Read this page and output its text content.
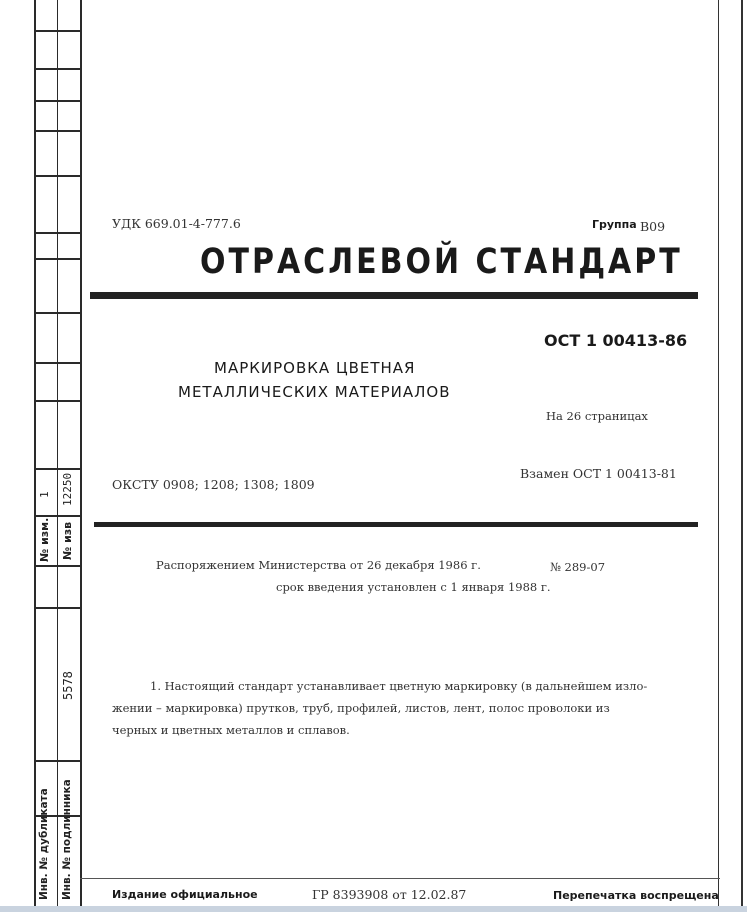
1 12250
№ изм. № изв
5578
Инв. № дубликата Инв. № подлинника
УДК 669.01-4-777.6	Группа В09
ОТРАСЛЕВОЙ СТАНДАРТ
ОСТ 1 00413-86
МАРКИРОВКА ЦВЕТНАЯ
МЕТАЛЛИЧЕСКИХ МАТЕРИАЛОВ
На 26 страницах
Взамен ОСТ 1 00413-81
ОКСТУ 0908; 1208; 1308; 1809
Распоряжением Министерства от 26 декабря 1986 г.	№ 289-07
срок введения установлен с 1 января 1988 г.
1. Настоящий стандарт устанавливает цветную маркировку (в дальнейшем изло-
жении – маркировка) прутков, труб, профилей, листов, лент, полос проволоки из
черных и цветных металлов и сплавов.
Издание официальное	ГР 8393908 от 12.02.87	Перепечатка воспрещена
